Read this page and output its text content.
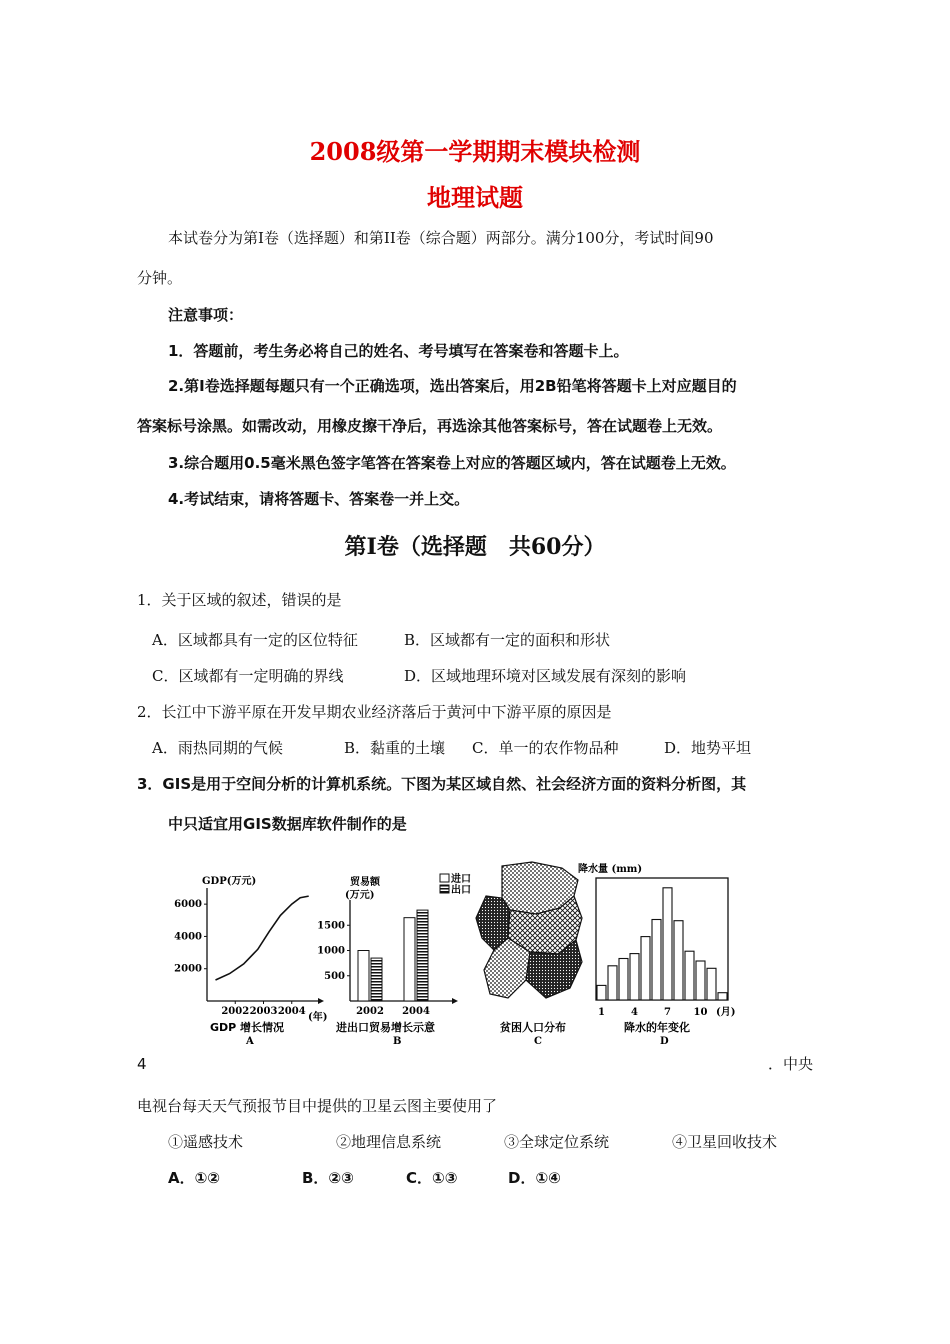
2008级第一学期期末模块检测
地理试题
本试卷分为第Ⅰ卷（选择题）和第II卷（综合题）两部分。满分100分，考试时间90
分钟。
注意事项：
1．答题前，考生务必将自己的姓名、考号填写在答案卷和答题卡上。
2.第Ⅰ卷选择题每题只有一个正确选项，选出答案后，用2B铅笔将答题卡上对应题目的
答案标号涂黑。如需改动，用橡皮擦干净后，再选涂其他答案标号，答在试题卷上无效。
3.综合题用0.5毫米黑色签字笔答在答案卷上对应的答题区域内，答在试题卷上无效。
4.考试结束，请将答题卡、答案卷一并上交。
第Ⅰ卷（选择题　共60分）
1．关于区域的叙述，错误的是
A．区域都具有一定的区位特征	B．区域都有一定的面积和形状
C．区域都有一定明确的界线	D．区域地理环境对区域发展有深刻的影响
2．长江中下游平原在开发早期农业经济落后于黄河中下游平原的原因是
A．雨热同期的气候	B．黏重的土壤 C．单一的农作物品种	D．地势平坦
3．GIS是用于空间分析的计算机系统。下图为某区域自然、社会经济方面的资料分析图，其
中只适宜用GIS数据库软件制作的是
GDP(万元)
6000
4000
2000
2002 2003 2004
(年)
GDP 增长情况
A
贸易额
(万元)
进口
出口
1500
1000
500
2002 2004
进出口贸易增长示意
B
贫困人口分布
C
降水量 (mm)
1	4	7 10 (月)
降水的年变化
D
4	．中央
电视台每天天气预报节目中提供的卫星云图主要使用了
①遥感技术	②地理信息系统	③全球定位系统	④卫星回收技术
A．①②	B．②③	C．①③	D．①④
